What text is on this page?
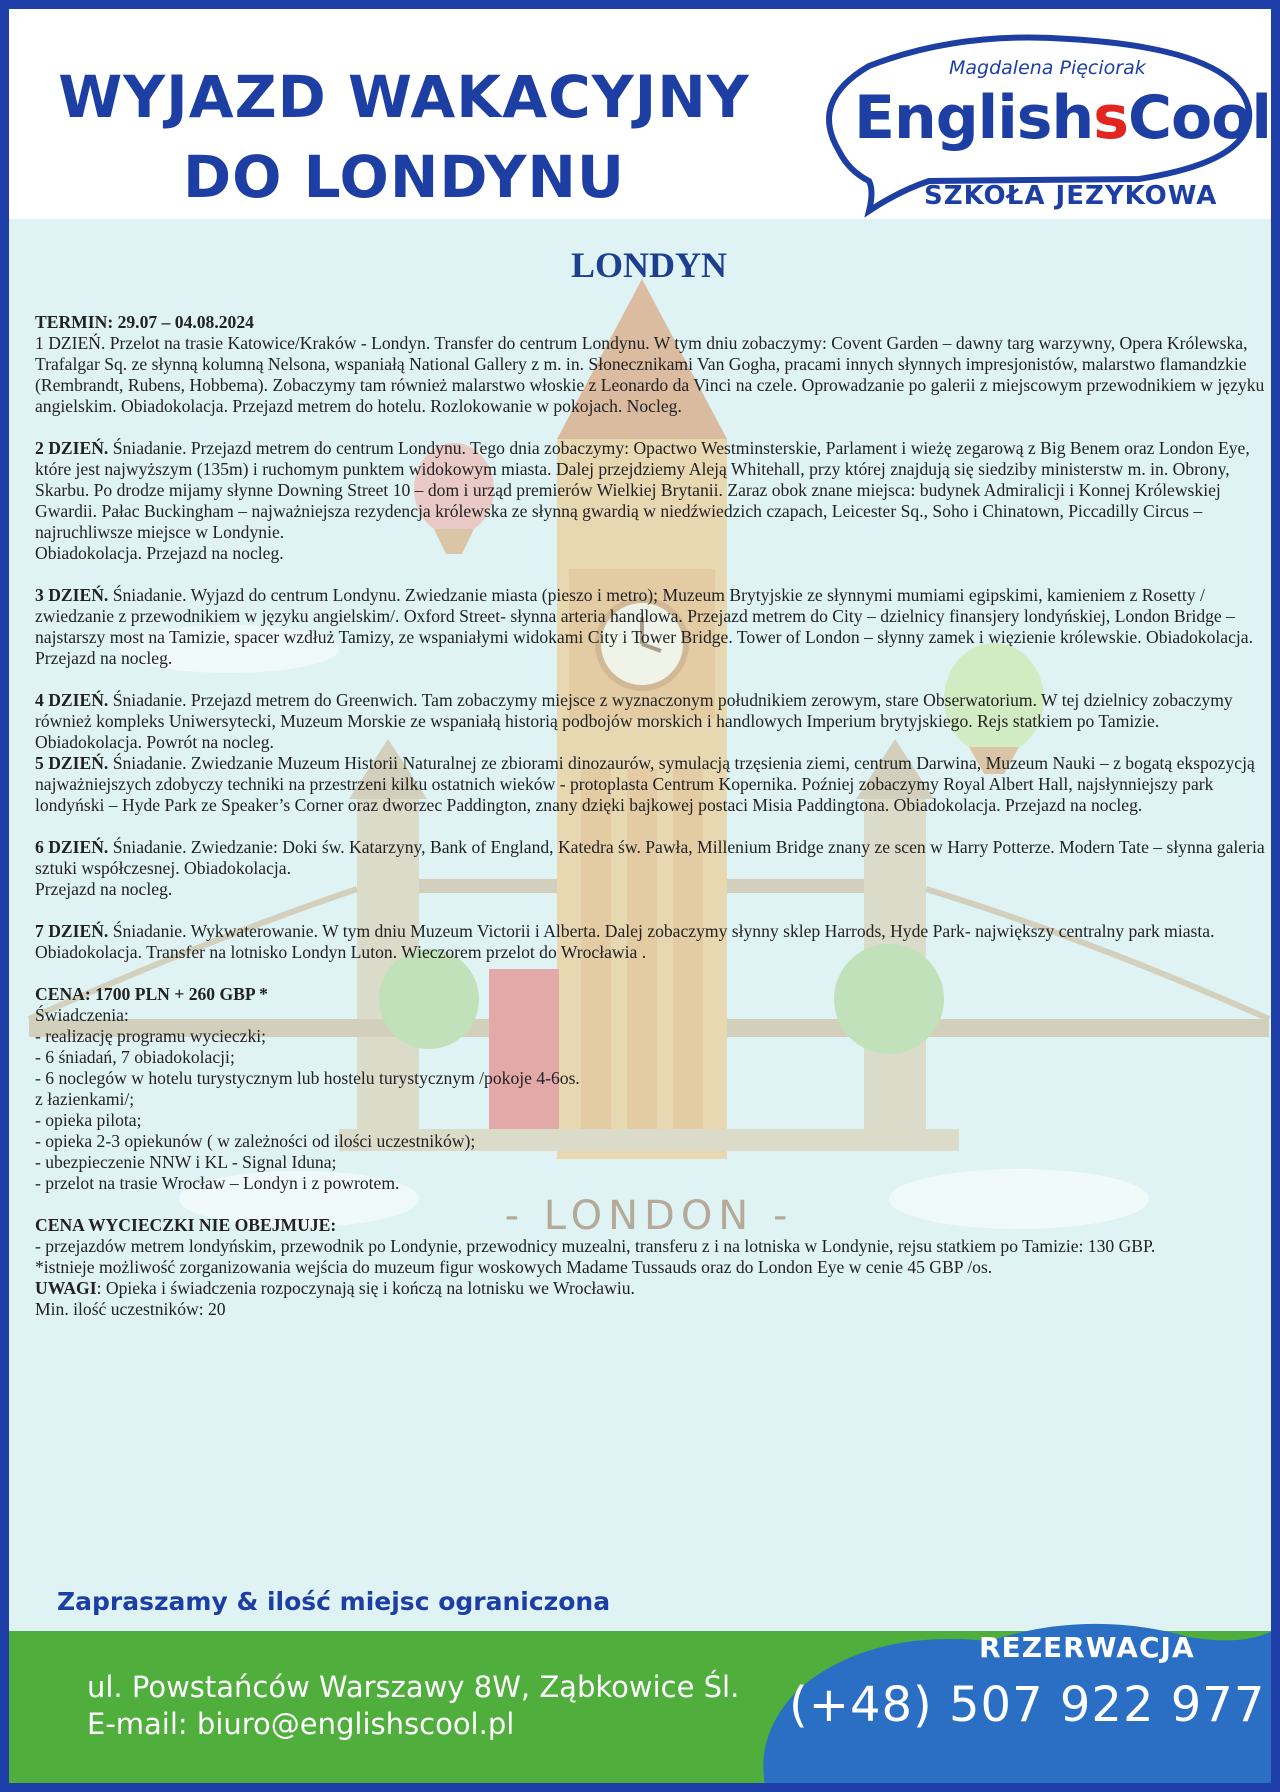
- LONDON -
WYJAZD WAKACYJNY
DO LONDYNU
Magdalena Pięciorak
EnglishsCool
SZKOŁA JEZYKOWA
LONDYN

TERMIN: 29.07 – 04.08.2024

1 DZIEŃ. Przelot na trasie Katowice/Kraków - Londyn. Transfer do centrum Londynu. W tym dniu zobaczymy: Covent Garden – dawny targ warzywny, Opera Królewska, Trafalgar Sq. ze słynną kolumną Nelsona, wspaniałą National Gallery z m. in. Słonecznikami Van Gogha, pracami innych słynnych impresjonistów, malarstwo flamandzkie (Rembrandt, Rubens, Hobbema). Zobaczymy tam również malarstwo włoskie z Leonardo da Vinci na czele. Oprowadzanie po galerii z miejscowym przewodnikiem w języku angielskim. Obiadokolacja. Przejazd metrem do hotelu. Rozlokowanie w pokojach. Nocleg.

2 DZIEŃ. Śniadanie. Przejazd metrem do centrum Londynu. Tego dnia zobaczymy: Opactwo Westminsterskie, Parlament i wieżę zegarową z Big Benem oraz London Eye, które jest najwyższym (135m) i ruchomym punktem widokowym miasta. Dalej przejdziemy Aleją Whitehall, przy której znajdują się siedziby ministerstw m. in. Obrony, Skarbu. Po drodze mijamy słynne Downing Street 10 – dom i urząd premierów Wielkiej Brytanii. Zaraz obok znane miejsca: budynek Admiralicji i Konnej Królewskiej Gwardii. Pałac Buckingham – najważniejsza rezydencja królewska ze słynną gwardią w niedźwiedzich czapach, Leicester Sq., Soho i Chinatown, Piccadilly Circus – najruchliwsze miejsce w Londynie.

Obiadokolacja. Przejazd na nocleg.

3 DZIEŃ. Śniadanie. Wyjazd do centrum Londynu. Zwiedzanie miasta (pieszo i metro); Muzeum Brytyjskie ze słynnymi mumiami egipskimi, kamieniem z Rosetty / zwiedzanie z przewodnikiem w języku angielskim/. Oxford Street- słynna arteria handlowa. Przejazd metrem do City – dzielnicy finansjery londyńskiej, London Bridge – najstarszy most na Tamizie, spacer wzdłuż Tamizy, ze wspaniałymi widokami City i Tower Bridge. Tower of London – słynny zamek i więzienie królewskie. Obiadokolacja. Przejazd na nocleg.

4 DZIEŃ. Śniadanie. Przejazd metrem do Greenwich. Tam zobaczymy miejsce z wyznaczonym południkiem zerowym, stare Obserwatorium. W tej dzielnicy zobaczymy również kompleks Uniwersytecki, Muzeum Morskie ze wspaniałą historią podbojów morskich i handlowych Imperium brytyjskiego. Rejs statkiem po Tamizie. Obiadokolacja. Powrót na nocleg.

5 DZIEŃ. Śniadanie. Zwiedzanie Muzeum Historii Naturalnej ze zbiorami dinozaurów, symulacją trzęsienia ziemi, centrum Darwina, Muzeum Nauki – z bogatą ekspozycją najważniejszych zdobyczy techniki na przestrzeni kilku ostatnich wieków - protoplasta Centrum Kopernika. Poźniej zobaczymy Royal Albert Hall, najsłynniejszy park londyński – Hyde Park ze Speaker’s Corner oraz dworzec Paddington, znany dzięki bajkowej postaci Misia Paddingtona. Obiadokolacja. Przejazd na nocleg.

6 DZIEŃ. Śniadanie. Zwiedzanie: Doki św. Katarzyny, Bank of England, Katedra św. Pawła, Millenium Bridge znany ze scen w Harry Potterze. Modern Tate – słynna galeria sztuki współczesnej. Obiadokolacja.

Przejazd na nocleg.

7 DZIEŃ. Śniadanie. Wykwaterowanie. W tym dniu Muzeum Victorii i Alberta. Dalej zobaczymy słynny sklep Harrods, Hyde Park- największy centralny park miasta. Obiadokolacja. Transfer na lotnisko Londyn Luton. Wieczorem przelot do Wrocławia .

CENA: 1700 PLN + 260 GBP *

Świadczenia:

- realizację programu wycieczki;
- 6 śniadań, 7 obiadokolacji;
- 6 noclegów w hotelu turystycznym lub hostelu turystycznym /pokoje 4-6os.
z łazienkami/;
- opieka pilota;
- opieka 2-3 opiekunów ( w zależności od ilości uczestników);
- ubezpieczenie NNW i KL - Signal Iduna;
- przelot na trasie Wrocław – Londyn i z powrotem.

CENA WYCIECZKI NIE OBEJMUJE:

- przejazdów metrem londyńskim, przewodnik po Londynie, przewodnicy muzealni, transferu z i na lotniska w Londynie, rejsu statkiem po Tamizie: 130 GBP.

*istnieje możliwość zorganizowania wejścia do muzeum figur woskowych Madame Tussauds oraz do London Eye w cenie 45 GBP /os.

UWAGI: Opieka i świadczenia rozpoczynają się i kończą na lotnisku we Wrocławiu.

Min. ilość uczestników: 20

Zapraszamy & ilość miejsc ograniczona
ul. Powstańców Warszawy 8W, Ząbkowice Śl.
E-mail: biuro@englishscool.pl
REZERWACJA
(+48) 507 922 977
